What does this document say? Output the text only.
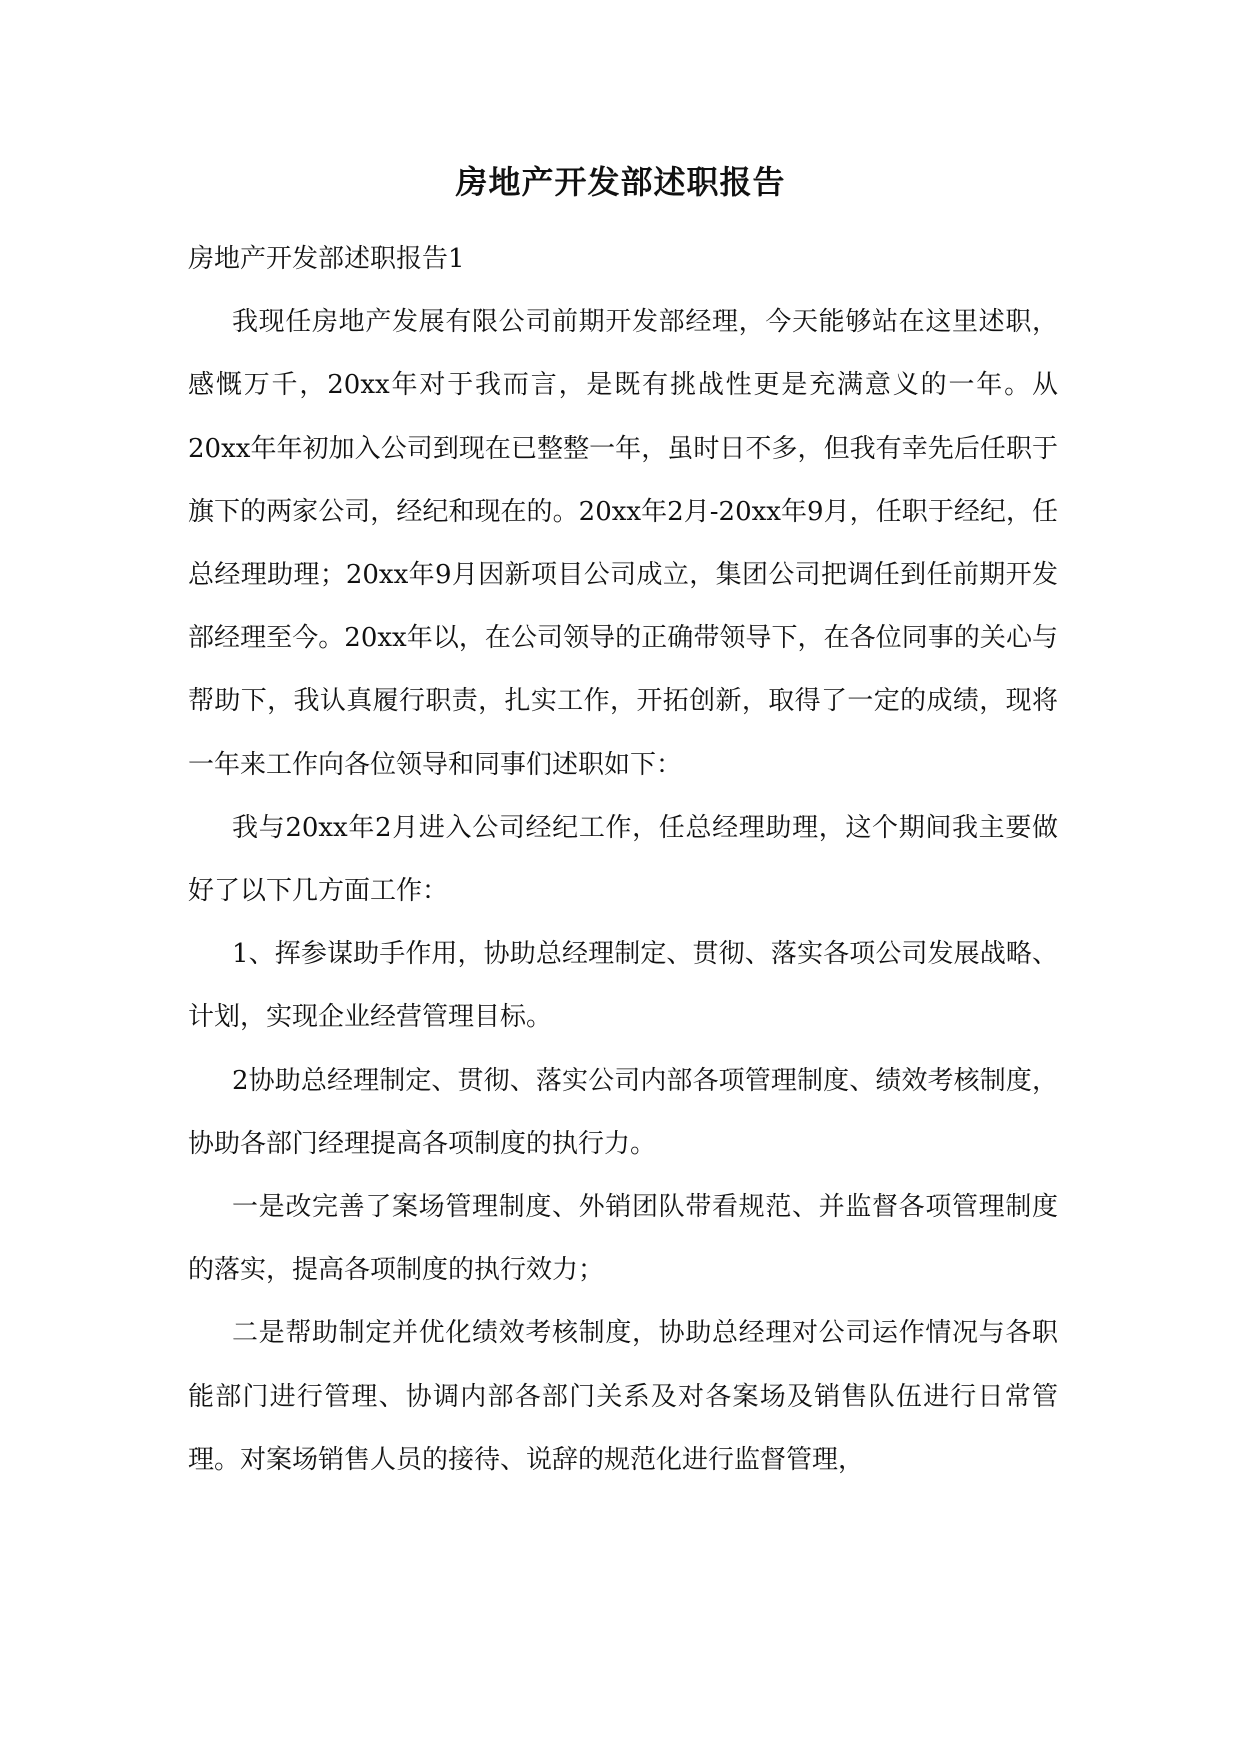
房地产开发部述职报告

房地产开发部述职报告1

我现任房地产发展有限公司前期开发部经理，今天能够站在这里述职，感慨万千，20xx年对于我而言，是既有挑战性更是充满意义的一年。从20xx年年初加入公司到现在已整整一年，虽时日不多，但我有幸先后任职于旗下的两家公司，经纪和现在的。20xx年2月-20xx年9月，任职于经纪，任总经理助理；20xx年9月因新项目公司成立，集团公司把调任到任前期开发部经理至今。20xx年以，在公司领导的正确带领导下，在各位同事的关心与帮助下，我认真履行职责，扎实工作，开拓创新，取得了一定的成绩，现将一年来工作向各位领导和同事们述职如下：

我与20xx年2月进入公司经纪工作，任总经理助理，这个期间我主要做好了以下几方面工作：

1、挥参谋助手作用，协助总经理制定、贯彻、落实各项公司发展战略、计划，实现企业经营管理目标。

2协助总经理制定、贯彻、落实公司内部各项管理制度、绩效考核制度，协助各部门经理提高各项制度的执行力。

一是改完善了案场管理制度、外销团队带看规范、并监督各项管理制度的落实，提高各项制度的执行效力；

二是帮助制定并优化绩效考核制度，协助总经理对公司运作情况与各职能部门进行管理、协调内部各部门关系及对各案场及销售队伍进行日常管理。对案场销售人员的接待、说辞的规范化进行监督管理，
